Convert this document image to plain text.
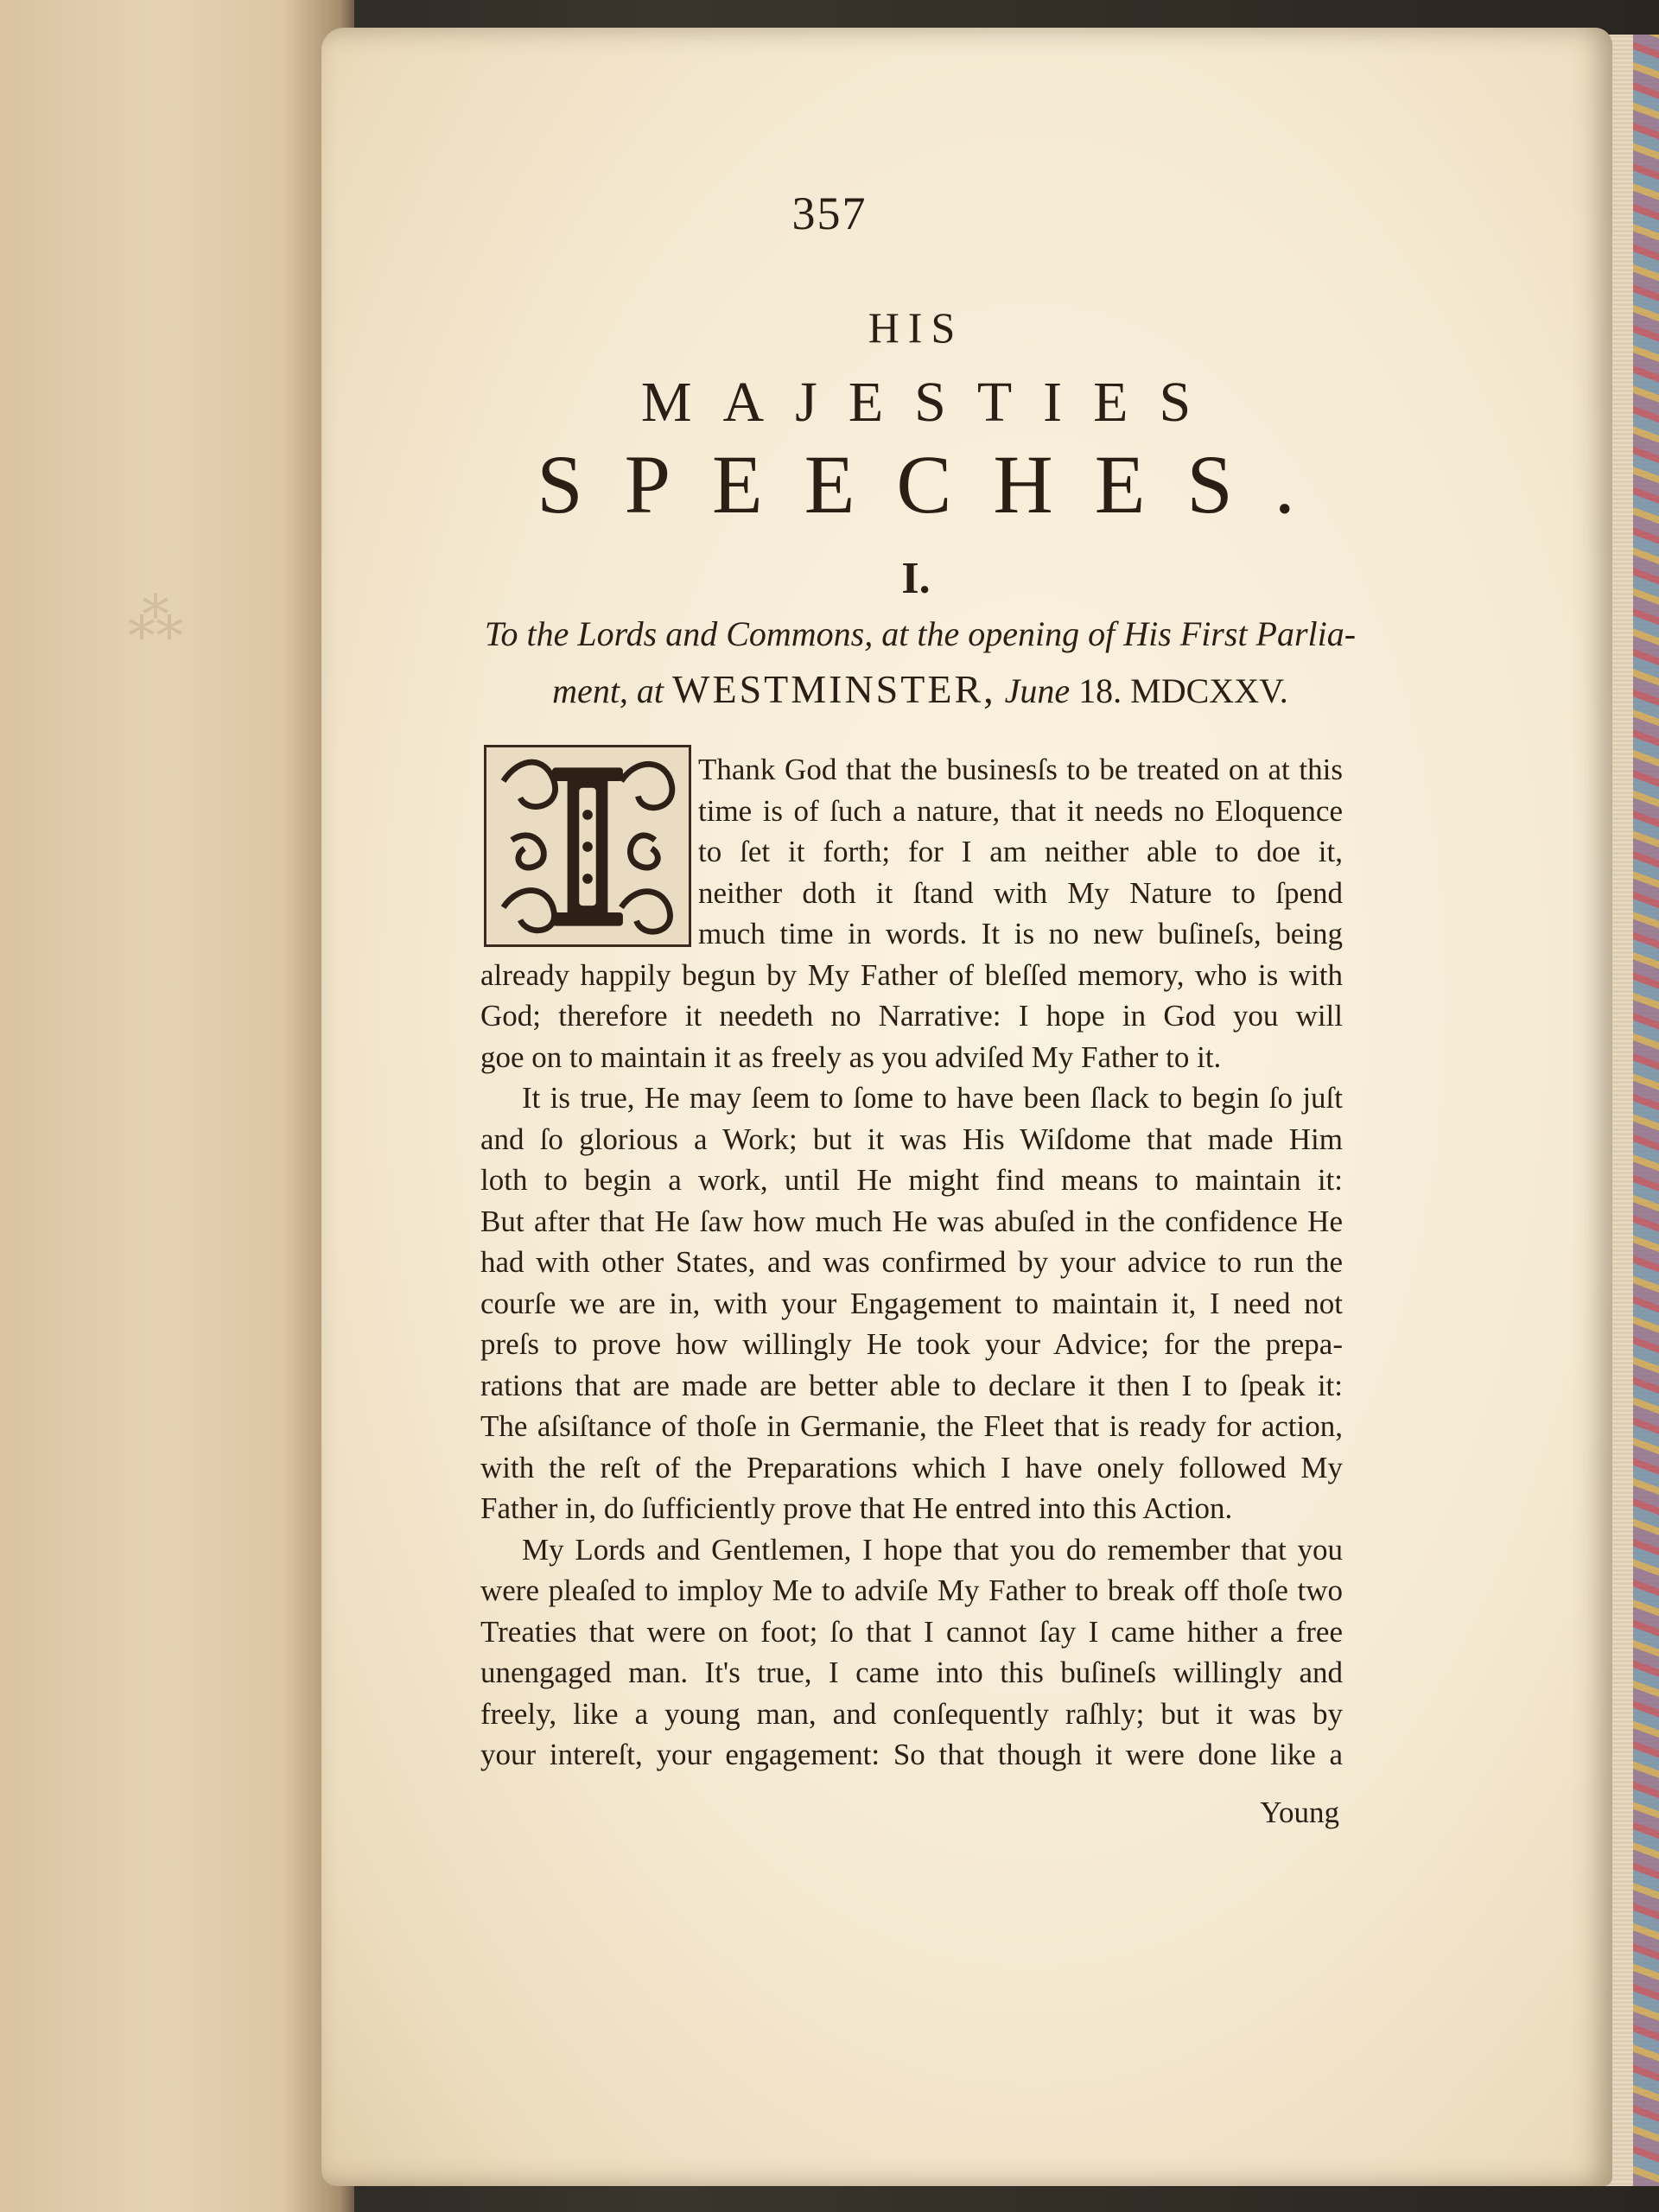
⁂
357
HIS
MAJESTIES
SPEECHES.
I.
To the Lords and Commons, at the opening of His First Parlia-
ment, at WESTMINSTER, June 18. MDCXXV.
Thank God that the businesſs to be treated on at this
time is of ſuch a nature, that it needs no Eloquence
to ſet it forth; for I am neither able to doe it,
neither doth it ſtand with My Nature to ſpend
much time in words. It is no new buſineſs, being
already happily begun by My Father of bleſſed memory, who is with
God; therefore it needeth no Narrative: I hope in God you will
goe on to maintain it as freely as you adviſed My Father to it.
It is true, He may ſeem to ſome to have been ſlack to begin ſo juſt
and ſo glorious a Work; but it was His Wiſdome that made Him
loth to begin a work, until He might find means to maintain it:
But after that He ſaw how much He was abuſed in the confidence He
had with other States, and was confirmed by your advice to run the
courſe we are in, with your Engagement to maintain it, I need not
preſs to prove how willingly He took your Advice; for the prepa-
rations that are made are better able to declare it then I to ſpeak it:
The aſsiſtance of thoſe in Germanie, the Fleet that is ready for action,
with the reſt of the Preparations which I have onely followed My
Father in, do ſufficiently prove that He entred into this Action.
My Lords and Gentlemen, I hope that you do remember that you
were pleaſed to imploy Me to adviſe My Father to break off thoſe two
Treaties that were on foot; ſo that I cannot ſay I came hither a free
unengaged man. It's true, I came into this buſineſs willingly and
freely, like a young man, and conſequently raſhly; but it was by
your intereſt, your engagement: So that though it were done like a
Young
